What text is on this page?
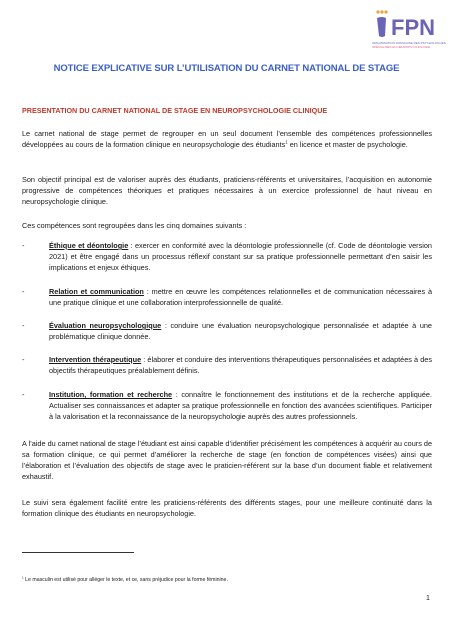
FPN
ORGANISATION FRANÇAISE DES PSYCHOLOGUES
SPÉCIALISÉS EN NEUROPSYCHOLOGIE
NOTICE EXPLICATIVE SUR L’UTILISATION DU CARNET NATIONAL DE STAGE
PRESENTATION DU CARNET NATIONAL DE STAGE EN NEUROPSYCHOLOGIE CLINIQUE

Le carnet national de stage permet de regrouper en un seul document l’ensemble des compétences professionnelles développées au cours de la formation clinique en neuropsychologie des étudiants$^1$ en licence et master de psychologie.

Son objectif principal est de valoriser auprès des étudiants, praticiens-référents et universitaires, l’acquisition en autonomie progressive de compétences théoriques et pratiques nécessaires à un exercice professionnel de haut niveau en neuropsychologie clinique.

Ces compétences sont regroupées dans les cinq domaines suivants :

-	Éthique et déontologie : exercer en conformité avec la déontologie professionnelle (cf. Code de déontologie version 2021) et être engagé dans un processus réflexif constant sur sa pratique professionnelle permettant d’en saisir les implications et enjeux éthiques.
-	Relation et communication : mettre en œuvre les compétences relationnelles et de communication nécessaires à une pratique clinique et une collaboration interprofessionnelle de qualité.
-	Évaluation neuropsychologique : conduire une évaluation neuropsychologique personnalisée et adaptée à une problématique clinique donnée.
-	Intervention thérapeutique : élaborer et conduire des interventions thérapeutiques personnalisées et adaptées à des objectifs thérapeutiques préalablement définis.
-	Institution, formation et recherche : connaître le fonctionnement des institutions et de la recherche appliquée. Actualiser ses connaissances et adapter sa pratique professionnelle en fonction des avancées scientifiques. Participer à la valorisation et la reconnaissance de la neuropsychologie auprès des autres professionnels.

A l’aide du carnet national de stage l’étudiant est ainsi capable d’identifier précisément les compétences à acquérir au cours de sa formation clinique, ce qui permet d’améliorer la recherche de stage (en fonction de compétences visées) ainsi que l’élaboration et l’évaluation des objectifs de stage avec le praticien-référent sur la base d’un document fiable et relativement exhaustif.

Le suivi sera également facilité entre les praticiens-référents des différents stages, pour une meilleure continuité dans la formation clinique des étudiants en neuropsychologie.

$^1$ Le masculin est utilisé pour alléger le texte, et ce, sans préjudice pour la forme féminine.
1
